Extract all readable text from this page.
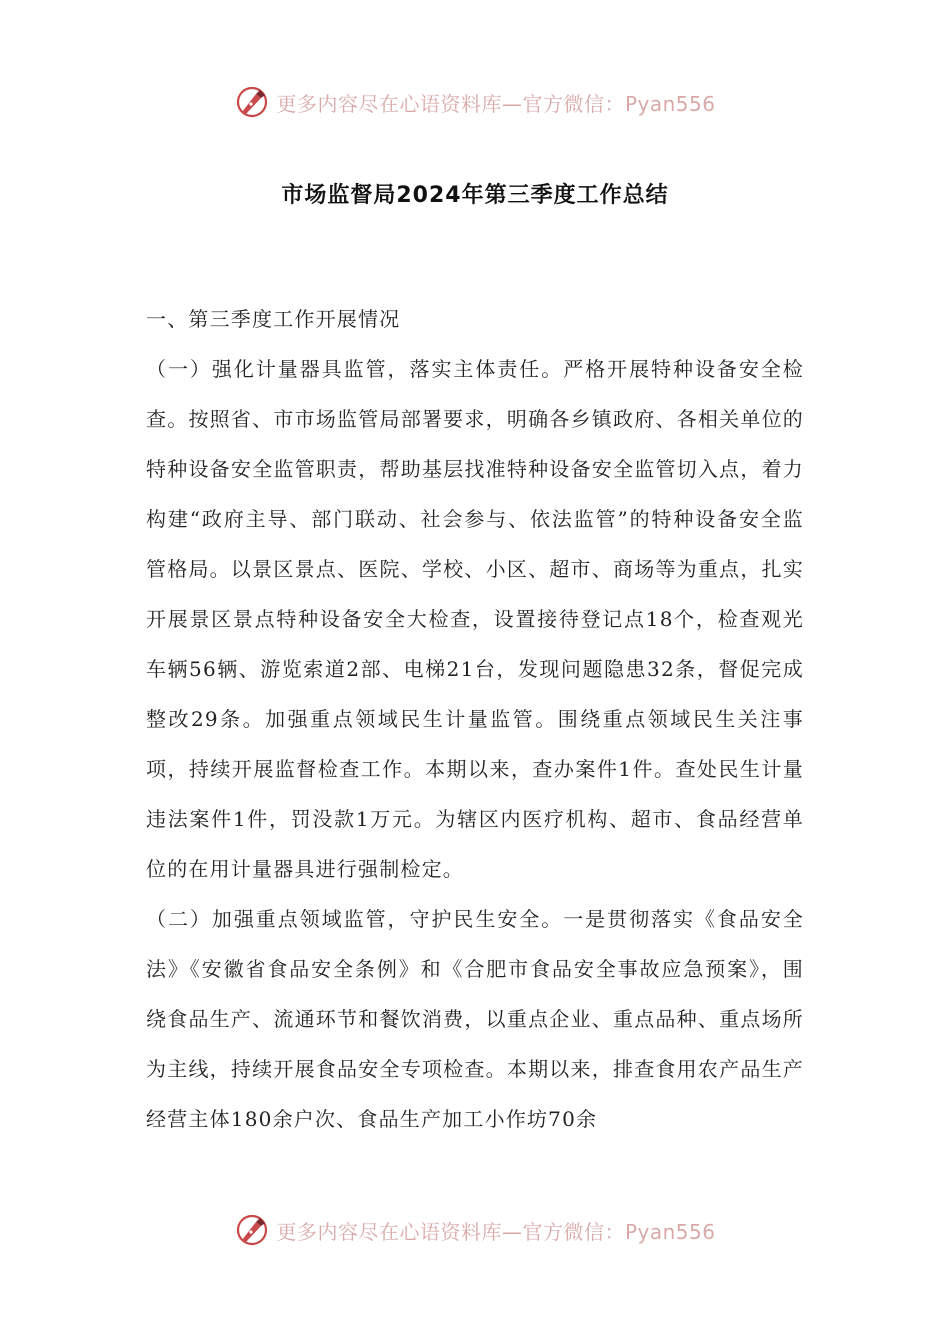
更多内容尽在心语资料库—官方微信：Pyan556
市场监督局2024年第三季度工作总结

一、第三季度工作开展情况

（一）强化计量器具监管，落实主体责任。严格开展特种设备安全检查。按照省、市市场监管局部署要求，明确各乡镇政府、各相关单位的特种设备安全监管职责，帮助基层找准特种设备安全监管切入点，着力构建“政府主导、部门联动、社会参与、依法监管”的特种设备安全监管格局。以景区景点、医院、学校、小区、超市、商场等为重点，扎实开展景区景点特种设备安全大检查，设置接待登记点18个，检查观光车辆56辆、游览索道2部、电梯21台，发现问题隐患32条，督促完成整改29条。加强重点领域民生计量监管。围绕重点领域民生关注事项，持续开展监督检查工作。本期以来，查办案件1件。查处民生计量违法案件1件，罚没款1万元。为辖区内医疗机构、超市、食品经营单位的在用计量器具进行强制检定。

（二）加强重点领域监管，守护民生安全。一是贯彻落实《食品安全法》《安徽省食品安全条例》和《合肥市食品安全事故应急预案》，围绕食品生产、流通环节和餐饮消费，以重点企业、重点品种、重点场所为主线，持续开展食品安全专项检查。本期以来，排查食用农产品生产经营主体180余户次、食品生产加工小作坊70余

更多内容尽在心语资料库—官方微信：Pyan556
